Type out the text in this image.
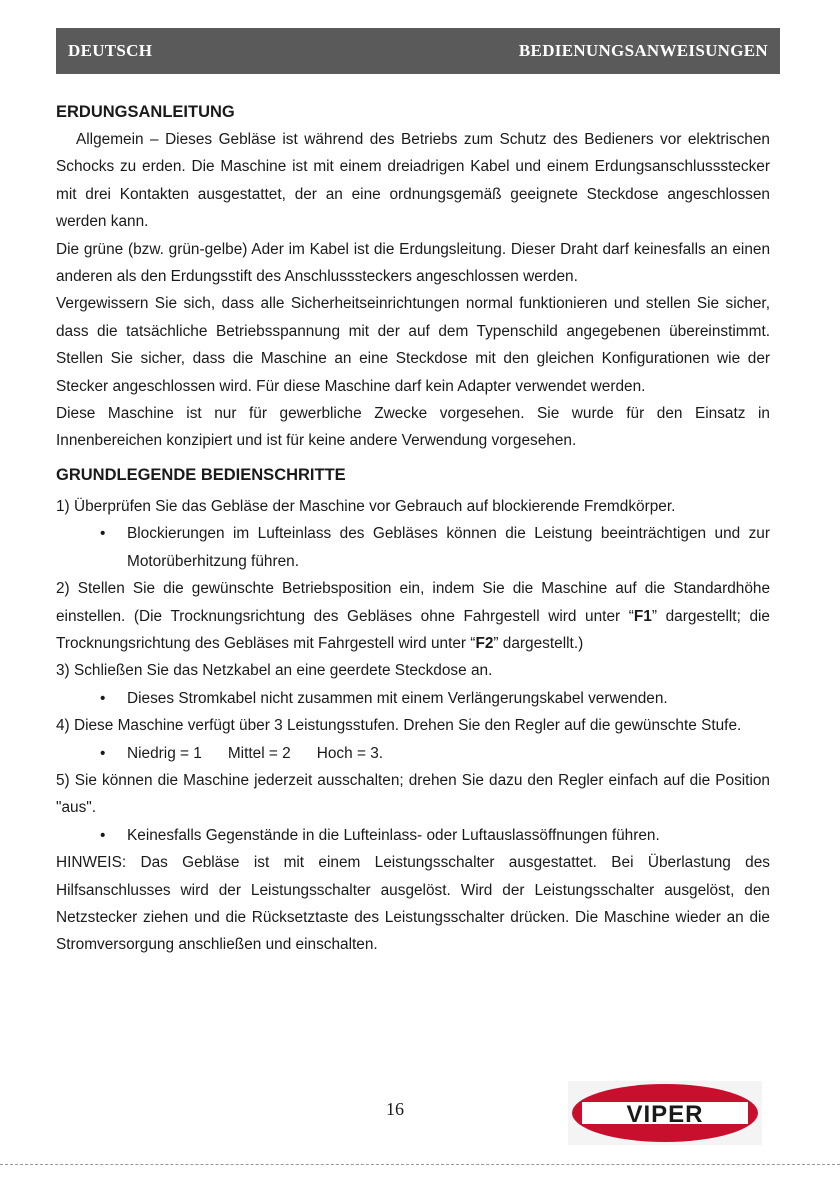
DEUTSCH	BEDIENUNGSANWEISUNGEN
ERDUNGSANLEITUNG

Allgemein – Dieses Gebläse ist während des Betriebs zum Schutz des Bedieners vor elektrischen Schocks zu erden. Die Maschine ist mit einem dreiadrigen Kabel und einem Erdungsanschlussstecker mit drei Kontakten ausgestattet, der an eine ordnungsgemäß geeignete Steckdose angeschlossen werden kann.

Die grüne (bzw. grün-gelbe) Ader im Kabel ist die Erdungsleitung. Dieser Draht darf keinesfalls an einen anderen als den Erdungsstift des Anschlusssteckers angeschlossen werden.

Vergewissern Sie sich, dass alle Sicherheitseinrichtungen normal funktionieren und stellen Sie sicher, dass die tatsächliche Betriebsspannung mit der auf dem Typenschild angegebenen übereinstimmt. Stellen Sie sicher, dass die Maschine an eine Steckdose mit den gleichen Konfigurationen wie der Stecker angeschlossen wird. Für diese Maschine darf kein Adapter verwendet werden.

Diese Maschine ist nur für gewerbliche Zwecke vorgesehen. Sie wurde für den Einsatz in Innenbereichen konzipiert und ist für keine andere Verwendung vorgesehen.

GRUNDLEGENDE BEDIENSCHRITTE

1) Überprüfen Sie das Gebläse der Maschine vor Gebrauch auf blockierende Fremdkörper.

• Blockierungen im Lufteinlass des Gebläses können die Leistung beeinträchtigen und zur Motorüberhitzung führen.

2) Stellen Sie die gewünschte Betriebsposition ein, indem Sie die Maschine auf die Standardhöhe einstellen. (Die Trocknungsrichtung des Gebläses ohne Fahrgestell wird unter “F1” dargestellt; die Trocknungsrichtung des Gebläses mit Fahrgestell wird unter “F2” dargestellt.)

3) Schließen Sie das Netzkabel an eine geerdete Steckdose an.

• Dieses Stromkabel nicht zusammen mit einem Verlängerungskabel verwenden.

4) Diese Maschine verfügt über 3 Leistungsstufen. Drehen Sie den Regler auf die gewünschte Stufe.

• Niedrig = 1 Mittel = 2 Hoch = 3.

5) Sie können die Maschine jederzeit ausschalten; drehen Sie dazu den Regler einfach auf die Position "aus".

• Keinesfalls Gegenstände in die Lufteinlass- oder Luftauslassöffnungen führen.

HINWEIS: Das Gebläse ist mit einem Leistungsschalter ausgestattet. Bei Überlastung des Hilfsanschlusses wird der Leistungsschalter ausgelöst. Wird der Leistungsschalter ausgelöst, den Netzstecker ziehen und die Rücksetztaste des Leistungsschalter drücken. Die Maschine wieder an die Stromversorgung anschließen und einschalten.

16	VIPER
